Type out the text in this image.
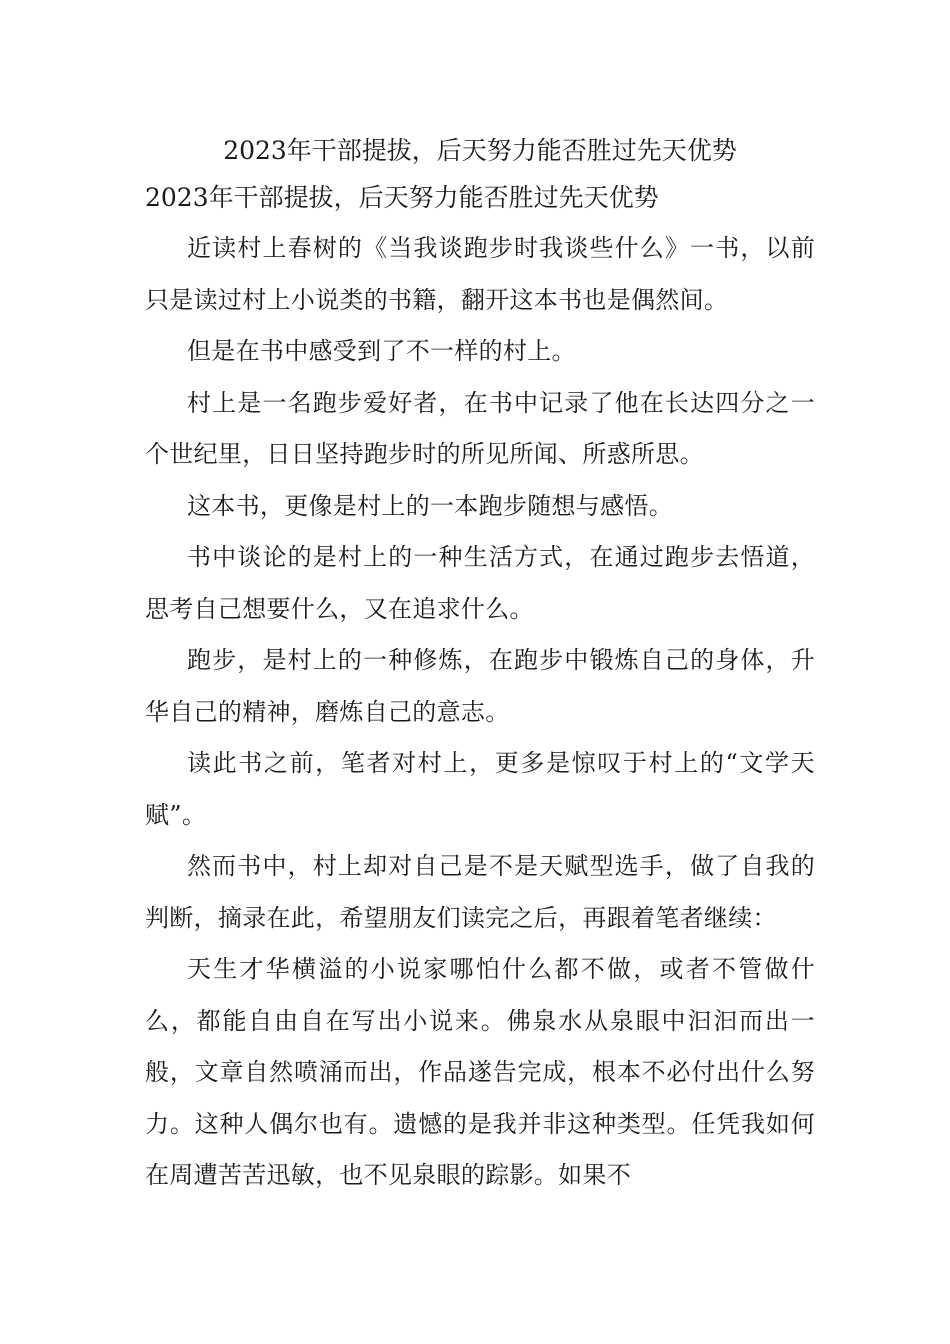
2023年干部提拔，后天努力能否胜过先天优势
2023年干部提拔，后天努力能否胜过先天优势

近读村上春树的《当我谈跑步时我谈些什么》一书，以前只是读过村上小说类的书籍，翻开这本书也是偶然间。

但是在书中感受到了不一样的村上。

村上是一名跑步爱好者，在书中记录了他在长达四分之一个世纪里，日日坚持跑步时的所见所闻、所惑所思。

这本书，更像是村上的一本跑步随想与感悟。

书中谈论的是村上的一种生活方式，在通过跑步去悟道，思考自己想要什么，又在追求什么。

跑步，是村上的一种修炼，在跑步中锻炼自己的身体，升华自己的精神，磨炼自己的意志。

读此书之前，笔者对村上，更多是惊叹于村上的“文学天赋”。

然而书中，村上却对自己是不是天赋型选手，做了自我的判断，摘录在此，希望朋友们读完之后，再跟着笔者继续：

天生才华横溢的小说家哪怕什么都不做，或者不管做什么，都能自由自在写出小说来。佛泉水从泉眼中汩汩而出一般，文章自然喷涌而出，作品遂告完成，根本不必付出什么努力。这种人偶尔也有。遗憾的是我并非这种类型。任凭我如何在周遭苦苦迅敏，也不见泉眼的踪影。如果不
